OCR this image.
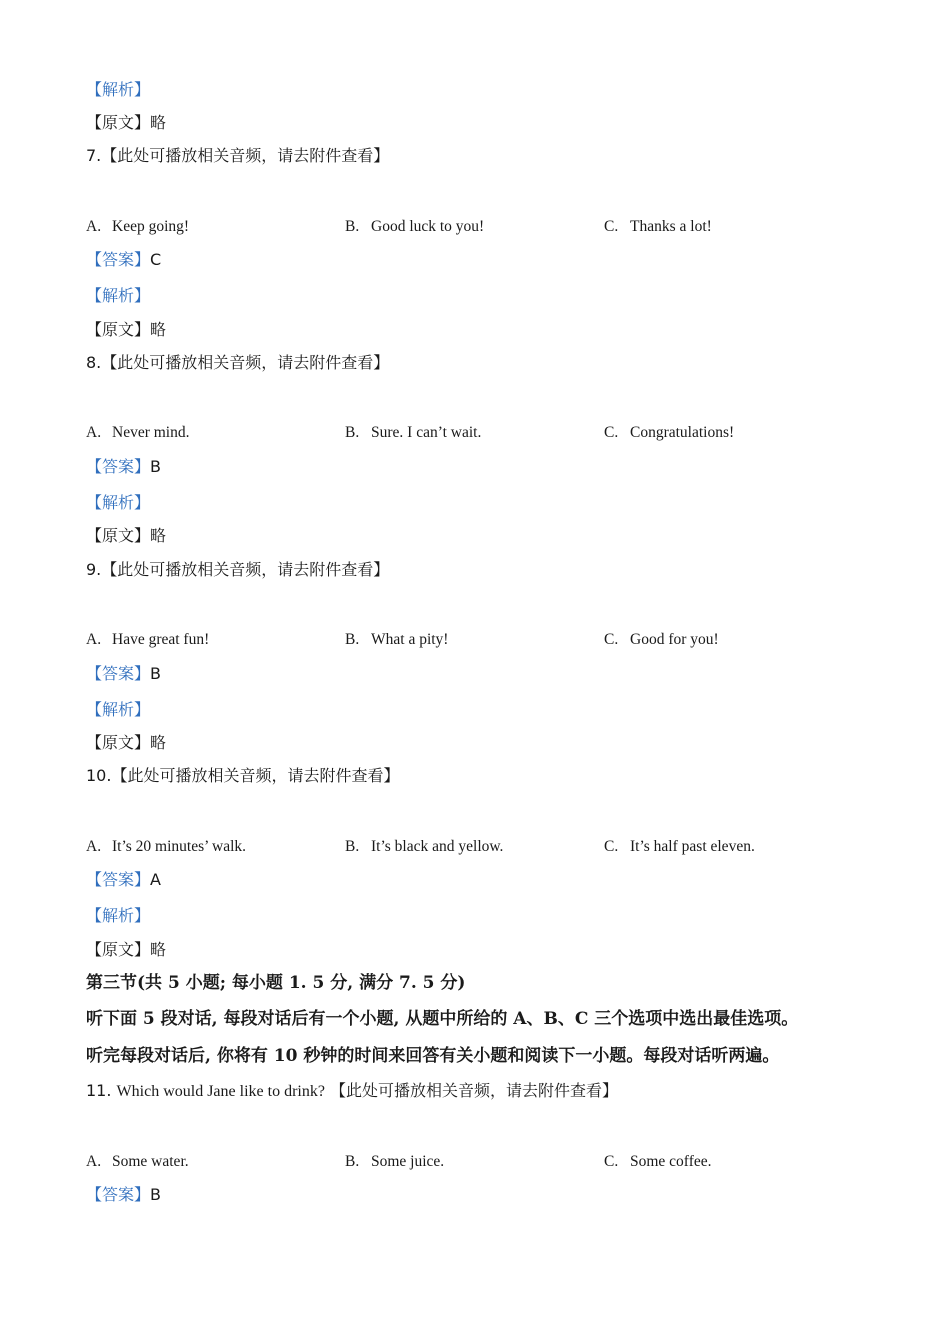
【解析】
【原文】略
7.【此处可播放相关音频，请去附件查看】
A. Keep going!	B. Good luck to you!	C. Thanks a lot!
【答案】C
【解析】
【原文】略
8.【此处可播放相关音频，请去附件查看】
A. Never mind.	B. Sure. I can’t wait.	C. Congratulations!
【答案】B
【解析】
【原文】略
9.【此处可播放相关音频，请去附件查看】
A. Have great fun!	B. What a pity!	C. Good for you!
【答案】B
【解析】
【原文】略
10.【此处可播放相关音频，请去附件查看】
A. It’s 20 minutes’ walk.	B. It’s black and yellow.	C. It’s half past eleven.
【答案】A
【解析】
【原文】略
第三节(共 5 小题; 每小题 1. 5 分, 满分 7. 5 分)
听下面 5 段对话, 每段对话后有一个小题, 从题中所给的 A、B、C 三个选项中选出最佳选项。
听完每段对话后, 你将有 10 秒钟的时间来回答有关小题和阅读下一小题。每段对话听两遍。
11. Which would Jane like to drink? 【此处可播放相关音频，请去附件查看】
A. Some water.	B. Some juice.	C. Some coffee.
【答案】B
